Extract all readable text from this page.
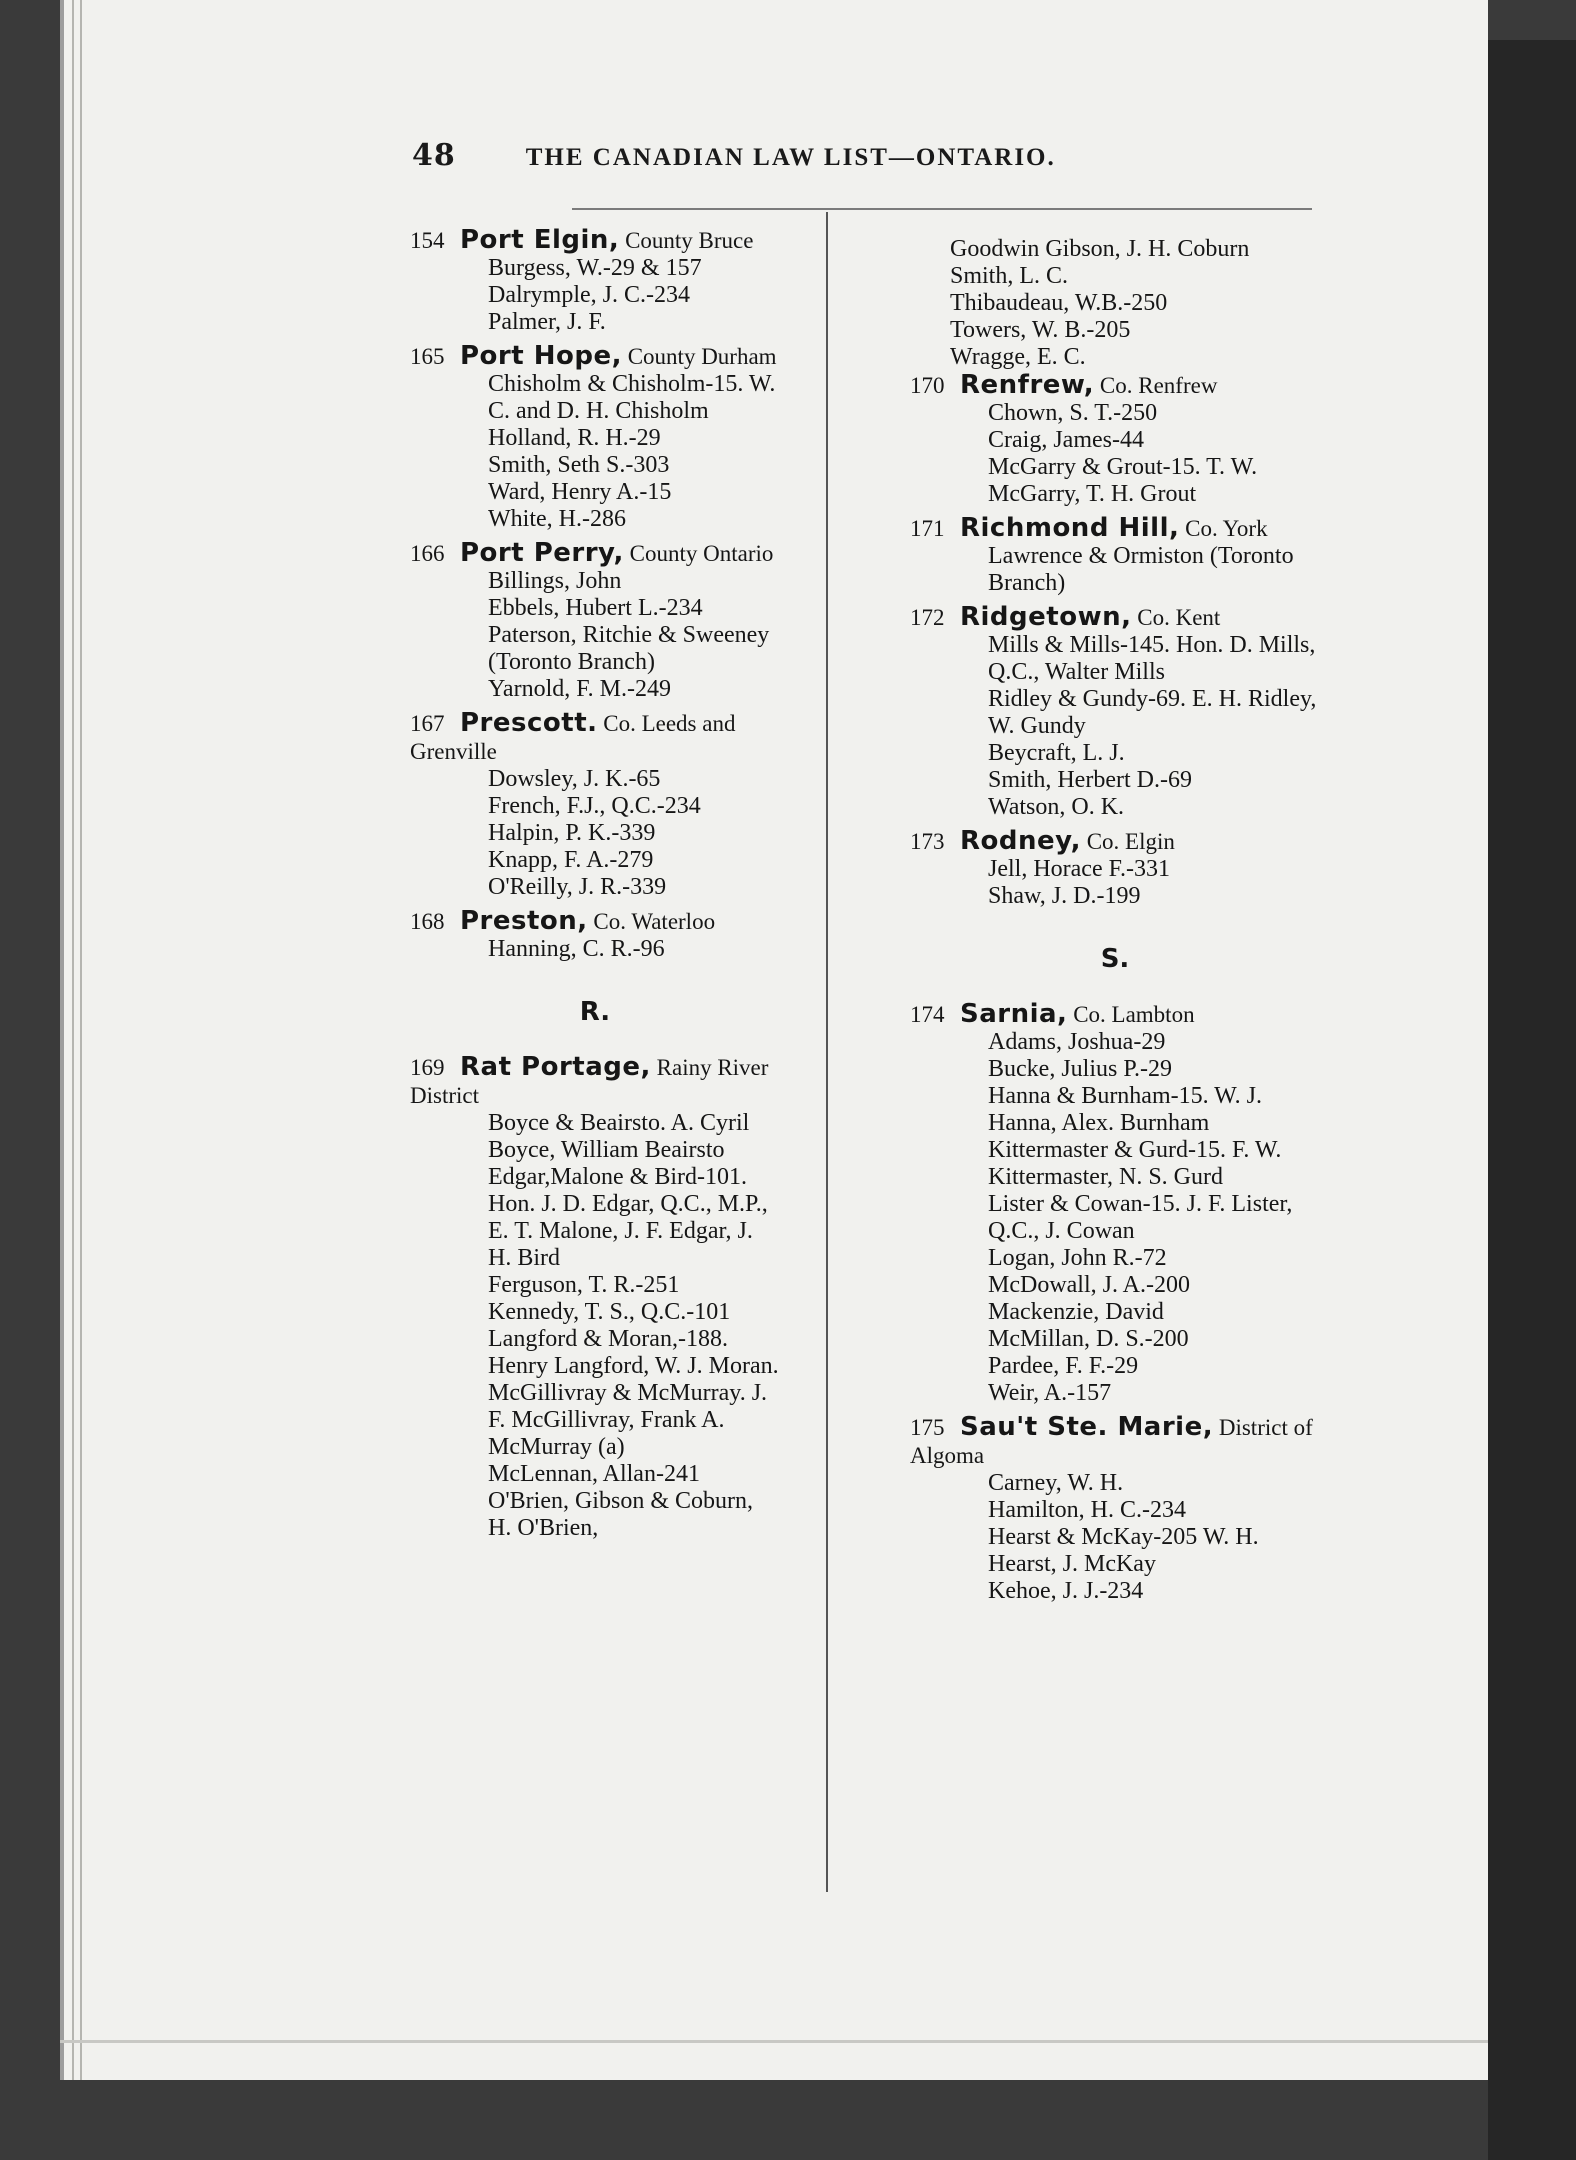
48	THE CANADIAN LAW LIST—ONTARIO.
154 Port Elgin, County Bruce
Burgess, W.-29 & 157
Dalrymple, J. C.-234
Palmer, J. F.
165 Port Hope, County Durham
Chisholm & Chisholm-15. W. C. and D. H. Chisholm
Holland, R. H.-29
Smith, Seth S.-303
Ward, Henry A.-15
White, H.-286
166 Port Perry, County Ontario
Billings, John
Ebbels, Hubert L.-234
Paterson, Ritchie & Sweeney (Toronto Branch)
Yarnold, F. M.-249
167 Prescott. Co. Leeds and Grenville
Dowsley, J. K.-65
French, F.J., Q.C.-234
Halpin, P. K.-339
Knapp, F. A.-279
O'Reilly, J. R.-339
168 Preston, Co. Waterloo
Hanning, C. R.-96
R.
169 Rat Portage, Rainy River District
Boyce & Beairsto. A. Cyril Boyce, William Beairsto
Edgar,Malone & Bird-101. Hon. J. D. Edgar, Q.C., M.P., E. T. Malone, J. F. Edgar, J. H. Bird
Ferguson, T. R.-251
Kennedy, T. S., Q.C.-101
Langford & Moran,-188. Henry Langford, W. J. Moran.
McGillivray & McMurray. J. F. McGillivray, Frank A. McMurray (a)
McLennan, Allan-241
O'Brien, Gibson & Coburn, H. O'Brien,
Goodwin Gibson, J. H. Coburn
Smith, L. C.
Thibaudeau, W.B.-250
Towers, W. B.-205
Wragge, E. C.
170 Renfrew, Co. Renfrew
Chown, S. T.-250
Craig, James-44
McGarry & Grout-15. T. W. McGarry, T. H. Grout
171 Richmond Hill, Co. York
Lawrence & Ormiston (Toronto Branch)
172 Ridgetown, Co. Kent
Mills & Mills-145. Hon. D. Mills, Q.C., Walter Mills
Ridley & Gundy-69. E. H. Ridley, W. Gundy
Beycraft, L. J.
Smith, Herbert D.-69
Watson, O. K.
173 Rodney, Co. Elgin
Jell, Horace F.-331
Shaw, J. D.-199
S.
174 Sarnia, Co. Lambton
Adams, Joshua-29
Bucke, Julius P.-29
Hanna & Burnham-15. W. J. Hanna, Alex. Burnham
Kittermaster & Gurd-15. F. W. Kittermaster, N. S. Gurd
Lister & Cowan-15. J. F. Lister, Q.C., J. Cowan
Logan, John R.-72
McDowall, J. A.-200
Mackenzie, David
McMillan, D. S.-200
Pardee, F. F.-29
Weir, A.-157
175 Sau't Ste. Marie, District of Algoma
Carney, W. H.
Hamilton, H. C.-234
Hearst & McKay-205 W. H. Hearst, J. McKay
Kehoe, J. J.-234
